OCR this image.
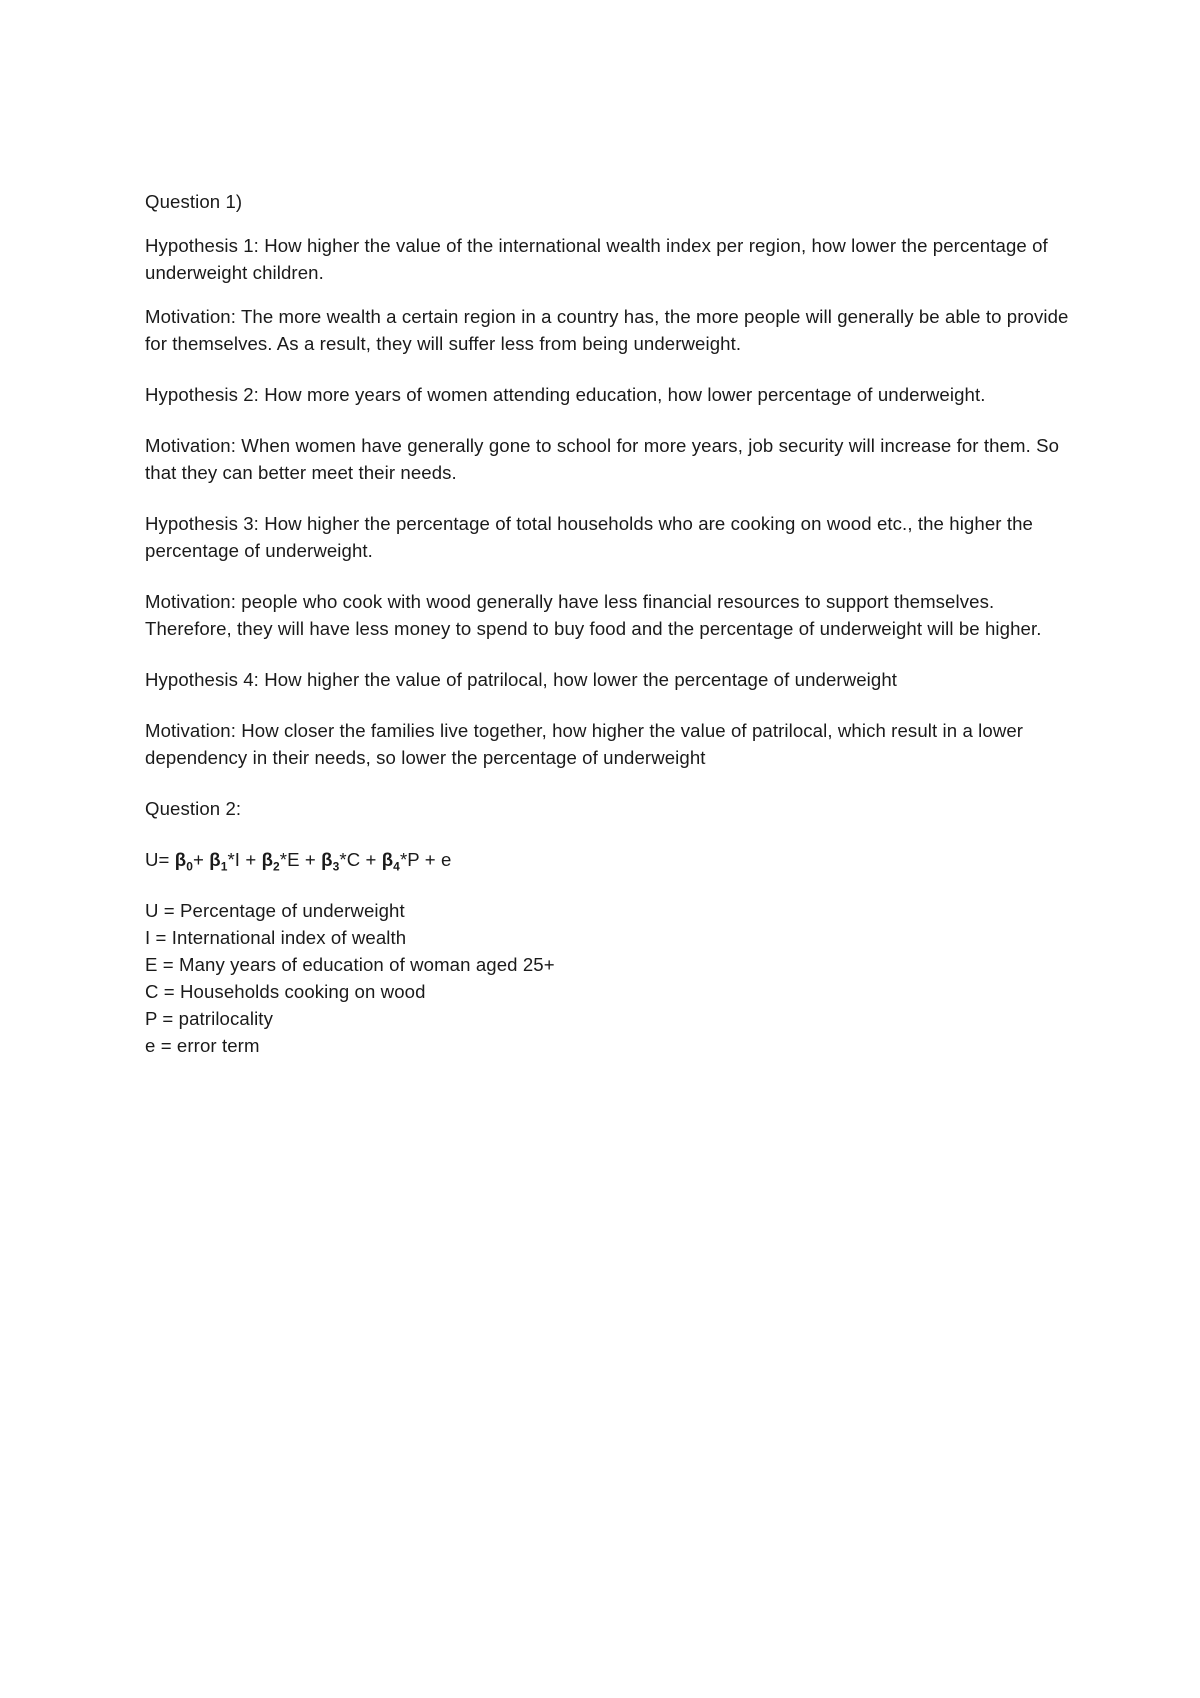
Question 1)

Hypothesis 1: How higher the value of the international wealth index per region, how lower the percentage of underweight children.

Motivation: The more wealth a certain region in a country has, the more people will generally be able to provide for themselves. As a result, they will suffer less from being underweight.

Hypothesis 2: How more years of women attending education, how lower percentage of underweight.

Motivation: When women have generally gone to school for more years, job security will increase for them. So that they can better meet their needs.

Hypothesis 3: How higher the percentage of total households who are cooking on wood etc., the higher the percentage of underweight.

Motivation: people who cook with wood generally have less financial resources to support themselves. Therefore, they will have less money to spend to buy food and the percentage of underweight will be higher.

Hypothesis 4: How higher the value of patrilocal, how lower the percentage of underweight

Motivation: How closer the families live together, how higher the value of patrilocal, which result in a lower dependency in their needs, so lower the percentage of underweight

Question 2:

$U= \beta_0+ \beta_1*I + \beta_2*E + \beta_3*C + \beta_4*P + e$

U = Percentage of underweight

I = International index of wealth

E = Many years of education of woman aged 25+

C = Households cooking on wood

P = patrilocality

e = error term
